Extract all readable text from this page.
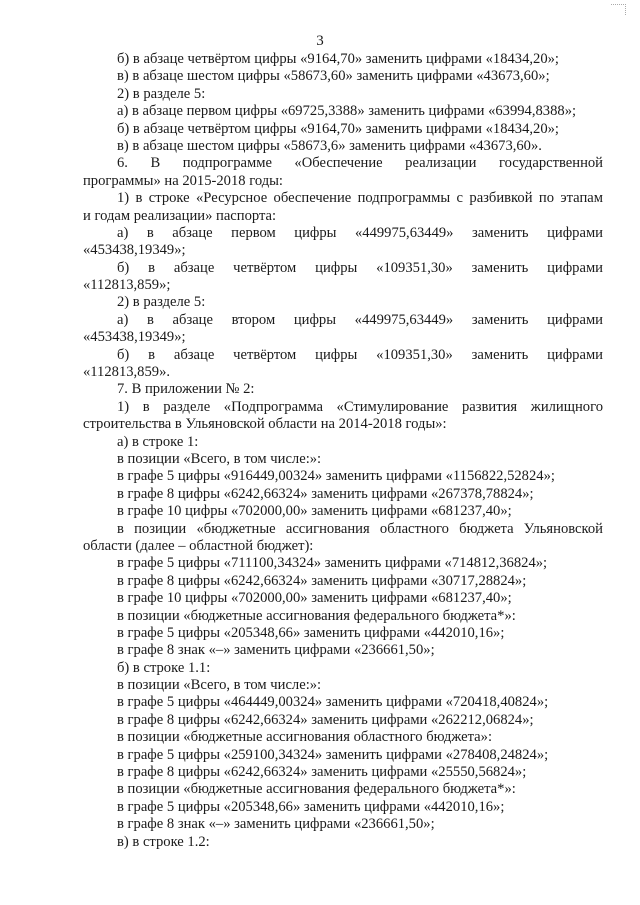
3
б) в абзаце четвёртом цифры «9164,70» заменить цифрами «18434,20»;
в) в абзаце шестом цифры «58673,60» заменить цифрами «43673,60»;
2) в разделе 5:
а) в абзаце первом цифры «69725,3388» заменить цифрами «63994,8388»;
б) в абзаце четвёртом цифры «9164,70» заменить цифрами «18434,20»;
в) в абзаце шестом цифры «58673,6» заменить цифрами «43673,60».
6. В подпрограмме «Обеспечение реализации государственной
программы» на 2015-2018 годы:
1) в строке «Ресурсное обеспечение подпрограммы с разбивкой по этапам
и годам реализации» паспорта:
а) в абзаце первом цифры «449975,63449» заменить цифрами
«453438,19349»;
б) в абзаце четвёртом цифры «109351,30» заменить цифрами
«112813,859»;
2) в разделе 5:
а) в абзаце втором цифры «449975,63449» заменить цифрами
«453438,19349»;
б) в абзаце четвёртом цифры «109351,30» заменить цифрами
«112813,859».
7. В приложении № 2:
1) в разделе «Подпрограмма «Стимулирование развития жилищного
строительства в Ульяновской области на 2014-2018 годы»:
а) в строке 1:
в позиции «Всего, в том числе:»:
в графе 5 цифры «916449,00324» заменить цифрами «1156822,52824»;
в графе 8 цифры «6242,66324» заменить цифрами «267378,78824»;
в графе 10 цифры «702000,00» заменить цифрами «681237,40»;
в позиции «бюджетные ассигнования областного бюджета Ульяновской
области (далее – областной бюджет):
в графе 5 цифры «711100,34324» заменить цифрами «714812,36824»;
в графе 8 цифры «6242,66324» заменить цифрами «30717,28824»;
в графе 10 цифры «702000,00» заменить цифрами «681237,40»;
в позиции «бюджетные ассигнования федерального бюджета*»:
в графе 5 цифры «205348,66» заменить цифрами «442010,16»;
в графе 8 знак «–» заменить цифрами «236661,50»;
б) в строке 1.1:
в позиции «Всего, в том числе:»:
в графе 5 цифры «464449,00324» заменить цифрами «720418,40824»;
в графе 8 цифры «6242,66324» заменить цифрами «262212,06824»;
в позиции «бюджетные ассигнования областного бюджета»:
в графе 5 цифры «259100,34324» заменить цифрами «278408,24824»;
в графе 8 цифры «6242,66324» заменить цифрами «25550,56824»;
в позиции «бюджетные ассигнования федерального бюджета*»:
в графе 5 цифры «205348,66» заменить цифрами «442010,16»;
в графе 8 знак «–» заменить цифрами «236661,50»;
в) в строке 1.2:
